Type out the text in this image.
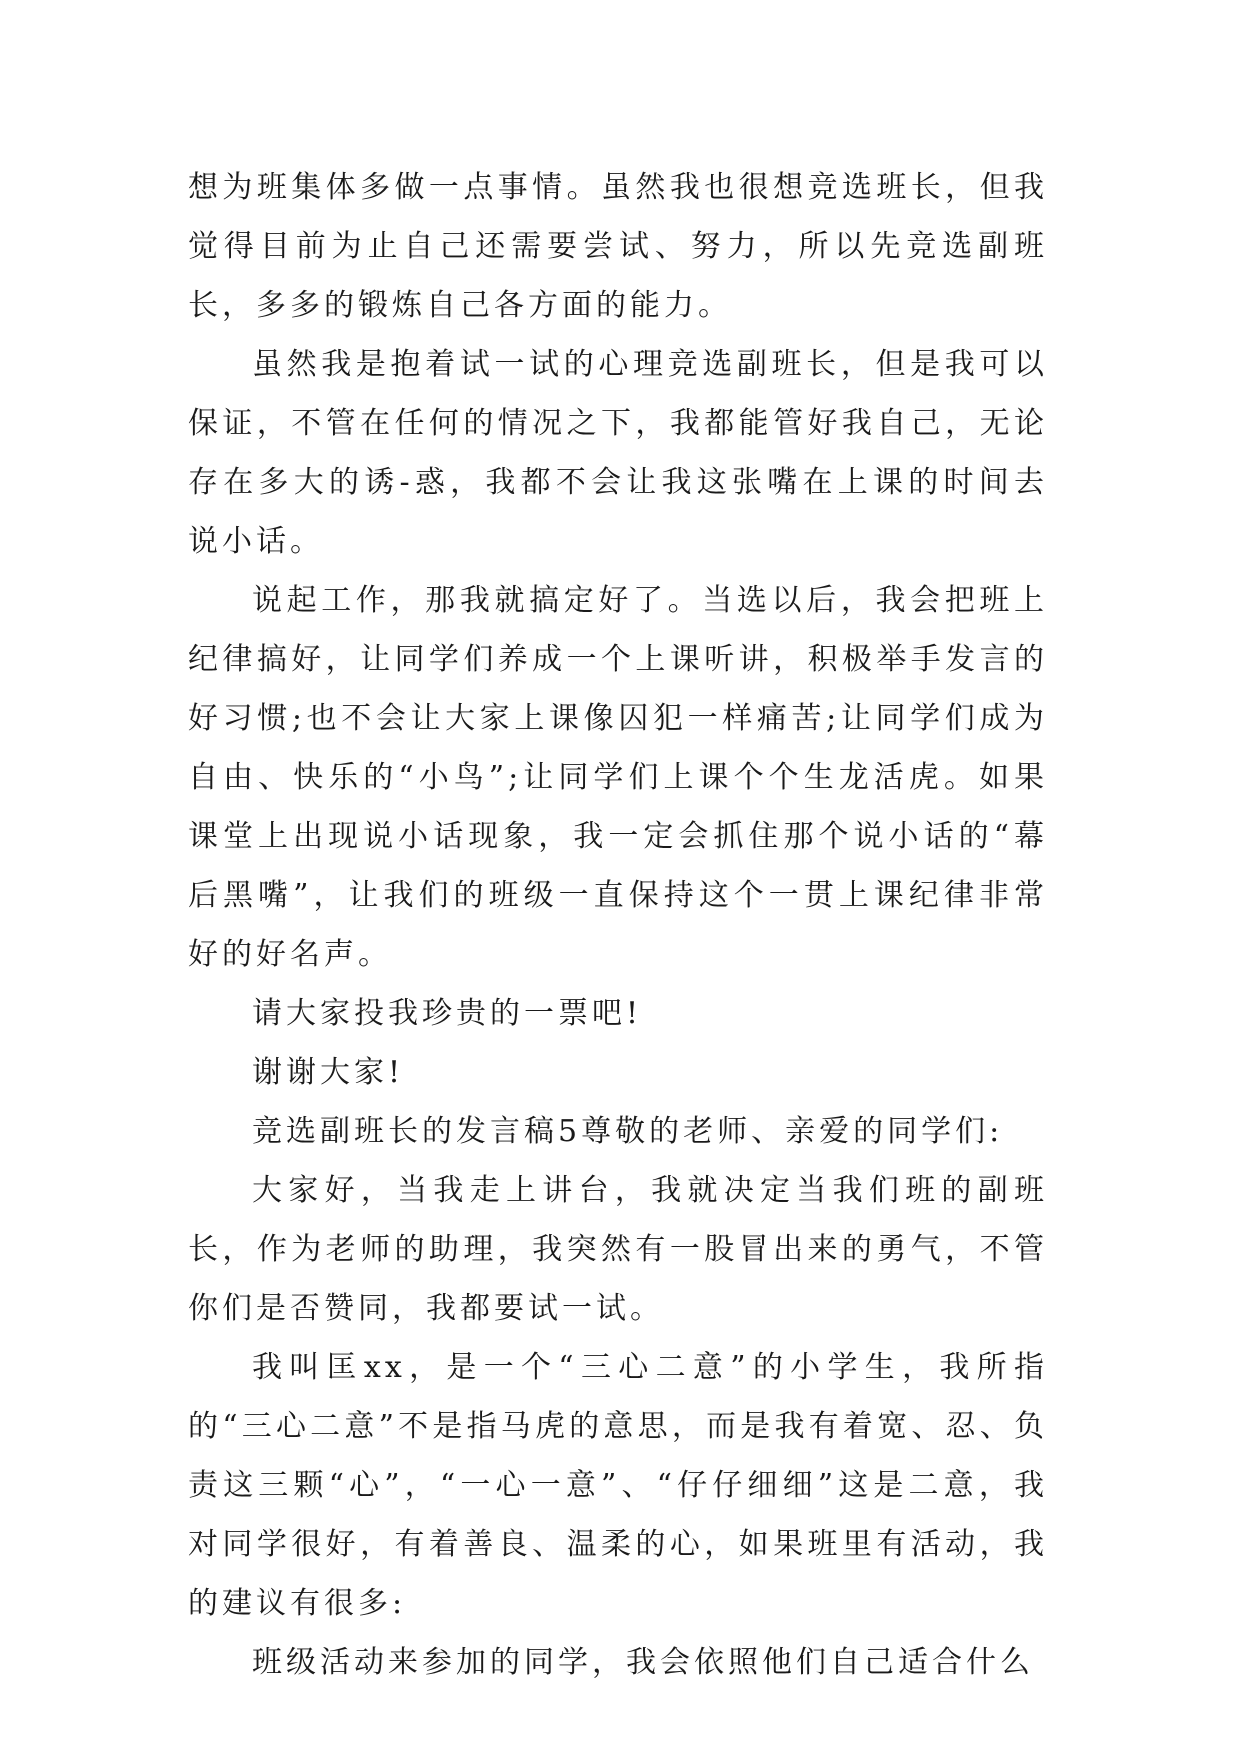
想为班集体多做一点事情。虽然我也很想竞选班长，但我觉得目前为止自己还需要尝试、努力，所以先竞选副班长，多多的锻炼自己各方面的能力。

虽然我是抱着试一试的心理竞选副班长，但是我可以保证，不管在任何的情况之下，我都能管好我自己，无论存在多大的诱-惑，我都不会让我这张嘴在上课的时间去说小话。

说起工作，那我就搞定好了。当选以后，我会把班上纪律搞好，让同学们养成一个上课听讲，积极举手发言的好习惯;也不会让大家上课像囚犯一样痛苦;让同学们成为自由、快乐的“小鸟”;让同学们上课个个生龙活虎。如果课堂上出现说小话现象，我一定会抓住那个说小话的“幕后黑嘴”，让我们的班级一直保持这个一贯上课纪律非常好的好名声。

请大家投我珍贵的一票吧!

谢谢大家!

竞选副班长的发言稿5尊敬的老师、亲爱的同学们:

大家好，当我走上讲台，我就决定当我们班的副班长，作为老师的助理，我突然有一股冒出来的勇气，不管你们是否赞同，我都要试一试。

我叫匡xx，是一个“三心二意”的小学生，我所指的“三心二意”不是指马虎的意思，而是我有着宽、忍、负责这三颗“心”，“一心一意”、“仔仔细细”这是二意，我对同学很好，有着善良、温柔的心，如果班里有活动，我的建议有很多:

班级活动来参加的同学，我会依照他们自己适合什么
